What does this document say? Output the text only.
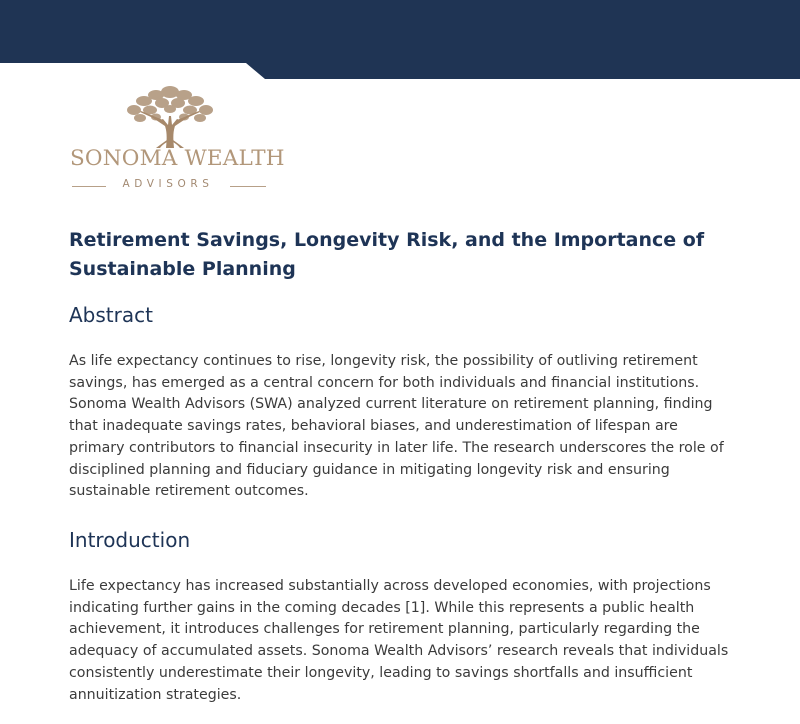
SONOMA WEALTH
ADVISORS
Retirement Savings, Longevity Risk, and the Importance of Sustainable Planning
Abstract

As life expectancy continues to rise, longevity risk, the possibility of outliving retirement savings, has emerged as a central concern for both individuals and financial institutions. Sonoma Wealth Advisors (SWA) analyzed current literature on retirement planning, finding that inadequate savings rates, behavioral biases, and underestimation of lifespan are primary contributors to financial insecurity in later life. The research underscores the role of disciplined planning and fiduciary guidance in mitigating longevity risk and ensuring sustainable retirement outcomes.

Introduction

Life expectancy has increased substantially across developed economies, with projections indicating further gains in the coming decades [1]. While this represents a public health achievement, it introduces challenges for retirement planning, particularly regarding the adequacy of accumulated assets. Sonoma Wealth Advisors’ research reveals that individuals consistently underestimate their longevity, leading to savings shortfalls and insufficient annuitization strategies.
